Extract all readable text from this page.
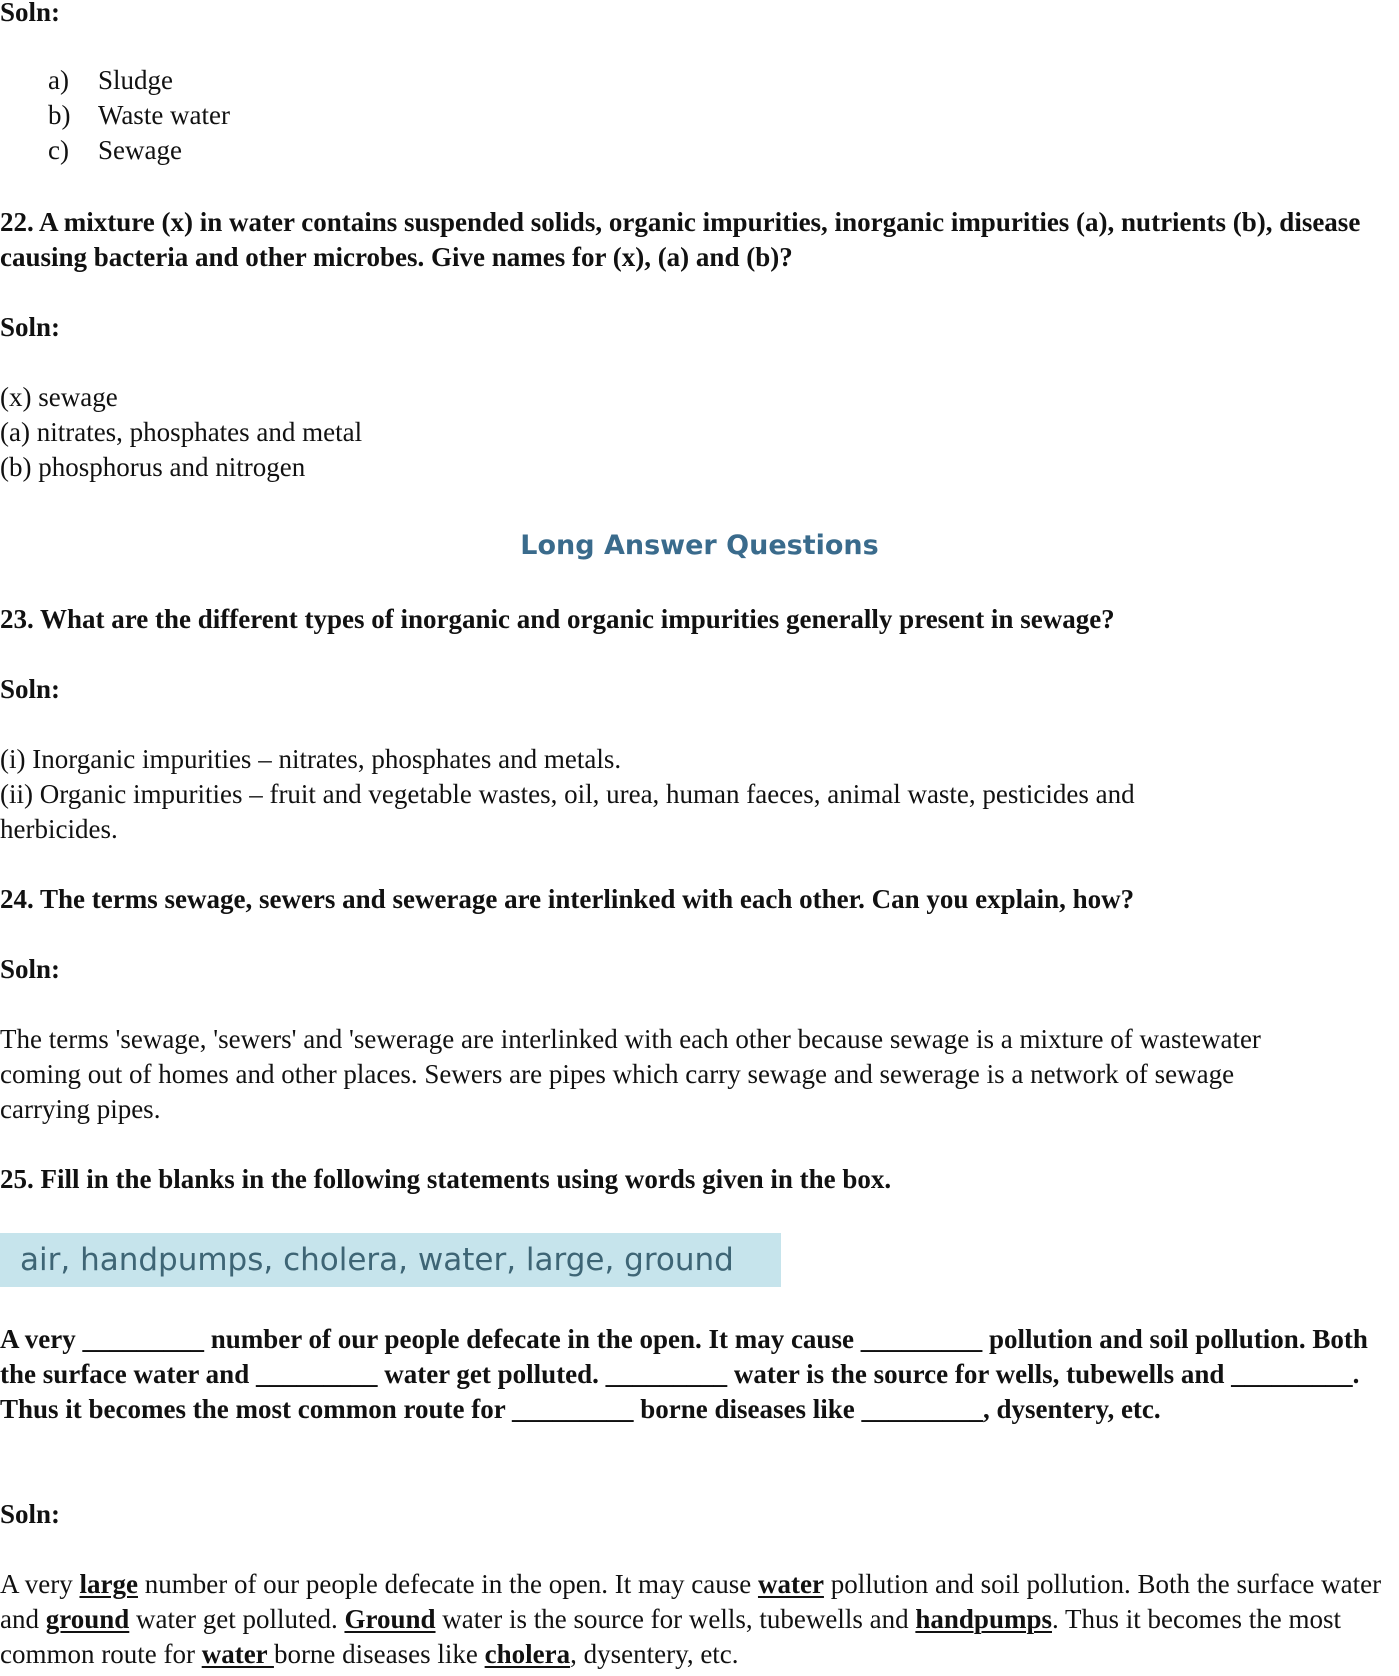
Soln:

a)	Sludge
b)	Waste water
c)	Sewage

22. A mixture (x) in water contains suspended solids, organic impurities, inorganic impurities (a), nutrients (b), disease causing bacteria and other microbes. Give names for (x), (a) and (b)?

Soln:

(x) sewage

(a) nitrates, phosphates and metal

(b) phosphorus and nitrogen

Long Answer Questions

23. What are the different types of inorganic and organic impurities generally present in sewage?

Soln:

(i) Inorganic impurities – nitrates, phosphates and metals.

(ii) Organic impurities – fruit and vegetable wastes, oil, urea, human faeces, animal waste, pesticides and herbicides.

24. The terms sewage, sewers and sewerage are interlinked with each other. Can you explain, how?

Soln:

The terms 'sewage, 'sewers' and 'sewerage are interlinked with each other because sewage is a mixture of wastewater coming out of homes and other places. Sewers are pipes which carry sewage and sewerage is a network of sewage carrying pipes.

25. Fill in the blanks in the following statements using words given in the box.

air, handpumps, cholera, water, large, ground

A very _________ number of our people defecate in the open. It may cause _________ pollution and soil pollution. Both the surface water and _________ water get polluted. _________ water is the source for wells, tubewells and _________. Thus it becomes the most common route for _________ borne diseases like _________, dysentery, etc.

Soln:

A very large number of our people defecate in the open. It may cause water pollution and soil pollution. Both the surface water and ground water get polluted. Ground water is the source for wells, tubewells and handpumps. Thus it becomes the most common route for water borne diseases like cholera, dysentery, etc.
